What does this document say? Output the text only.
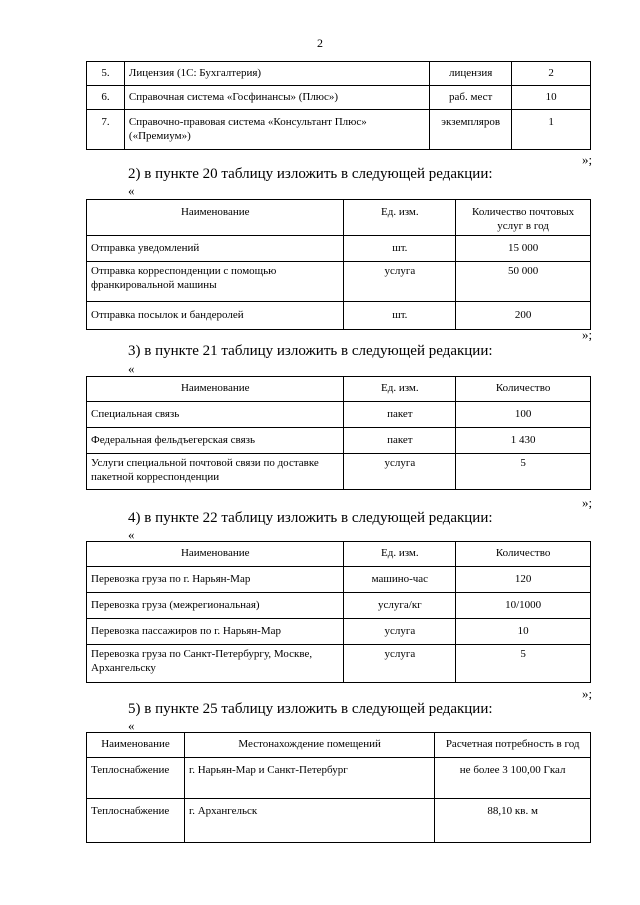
2
5.	Лицензия (1С: Бухгалтерия)	лицензия	2
6.	Справочная система «Госфинансы» (Плюс»)	раб. мест	10
7.	Справочно-правовая система «Консультант Плюс» («Премиум»)	экземпляров	1
»;
2) в пункте 20 таблицу изложить в следующей редакции:
«
Наименование	Ед. изм.	Количество почтовых услуг в год
Отправка уведомлений	шт.	15 000
Отправка корреспонденции с помощью франкировальной машины	услуга	50 000
Отправка посылок и бандеролей	шт.	200
»;
3) в пункте 21 таблицу изложить в следующей редакции:
«
Наименование	Ед. изм.	Количество
Специальная связь	пакет	100
Федеральная фельдъегерская связь	пакет	1 430
Услуги специальной почтовой связи по доставке пакетной корреспонденции	услуга	5
»;
4) в пункте 22 таблицу изложить в следующей редакции:
«
Наименование	Ед. изм.	Количество
Перевозка груза по г. Нарьян-Мар	машино-час	120
Перевозка груза (межрегиональная)	услуга/кг	10/1000
Перевозка пассажиров по г. Нарьян-Мар	услуга	10
Перевозка груза по Санкт-Петербургу, Москве, Архангельску	услуга	5
»;
5) в пункте 25 таблицу изложить в следующей редакции:
«
Наименование	Местонахождение помещений	Расчетная потребность в год
Теплоснабжение	г. Нарьян-Мар и Санкт-Петербург	не более 3 100,00 Гкал
Теплоснабжение	г. Архангельск	88,10 кв. м
